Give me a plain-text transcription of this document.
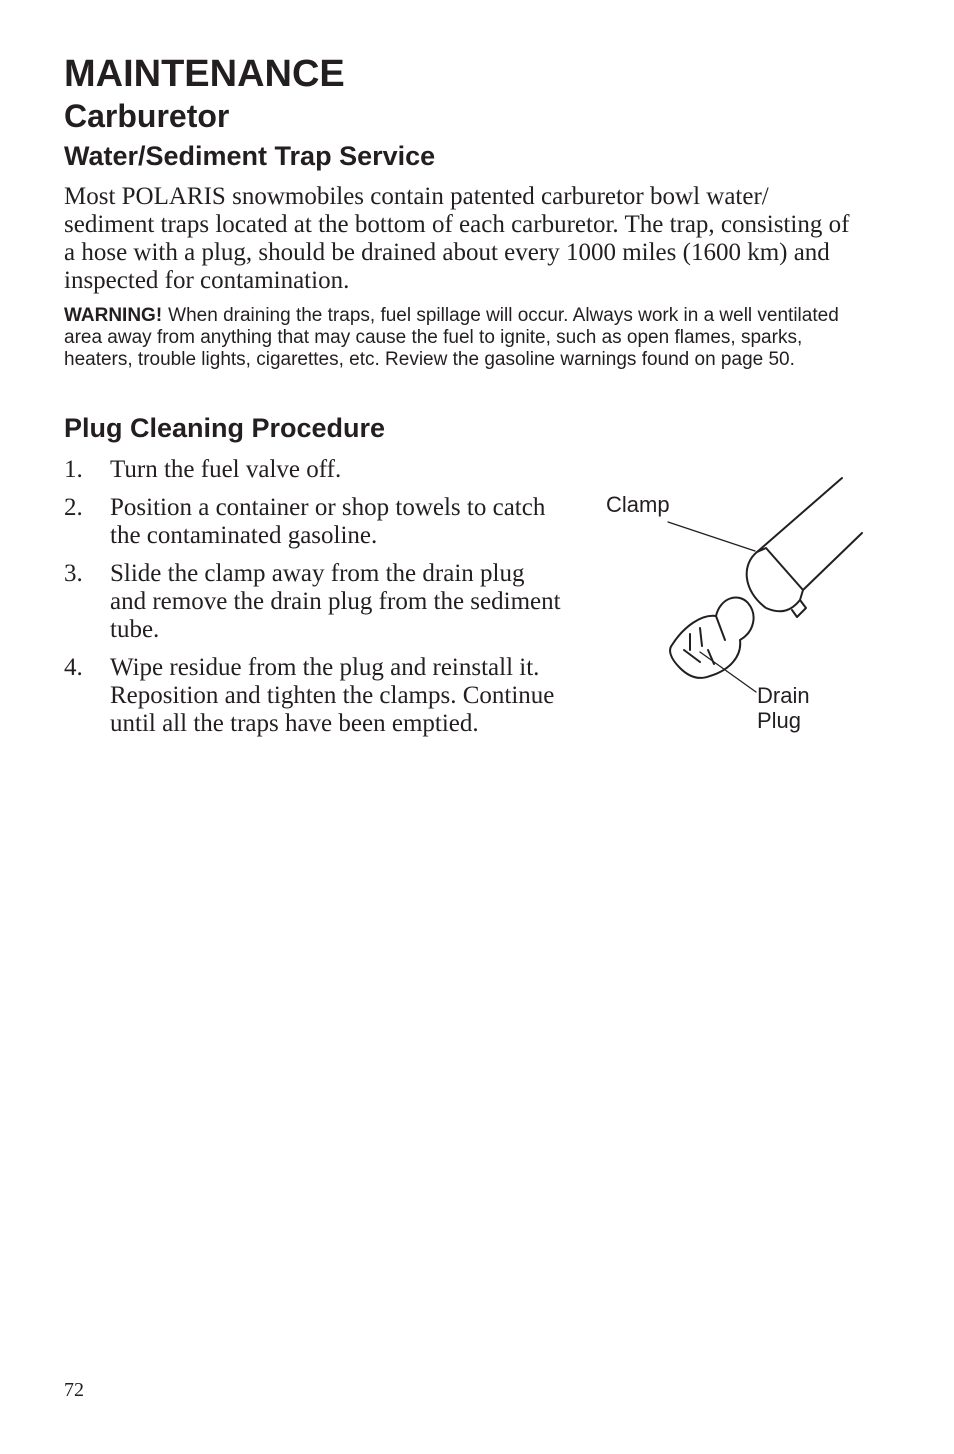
MAINTENANCE
Carburetor
Water/Sediment Trap Service

Most POLARIS snowmobiles contain patented carburetor bowl water/ sediment traps located at the bottom of each carburetor. The trap, consisting of a hose with a plug, should be drained about every 1000 miles (1600 km) and inspected for contamination.

WARNING! When draining the traps, fuel spillage will occur. Always work in a well ventilated area away from anything that may cause the fuel to ignite, such as open flames, sparks, heaters, trouble lights, cigarettes, etc. Review the gasoline warnings found on page 50.

Plug Cleaning Procedure
1. Turn the fuel valve off.
2. Position a container or shop towels to catch the contaminated gasoline.
3. Slide the clamp away from the drain plug and remove the drain plug from the sediment tube.
4. Wipe residue from the plug and reinstall it. Reposition and tighten the clamps. Continue until all the traps have been emptied.
Clamp
Drain Plug
72
